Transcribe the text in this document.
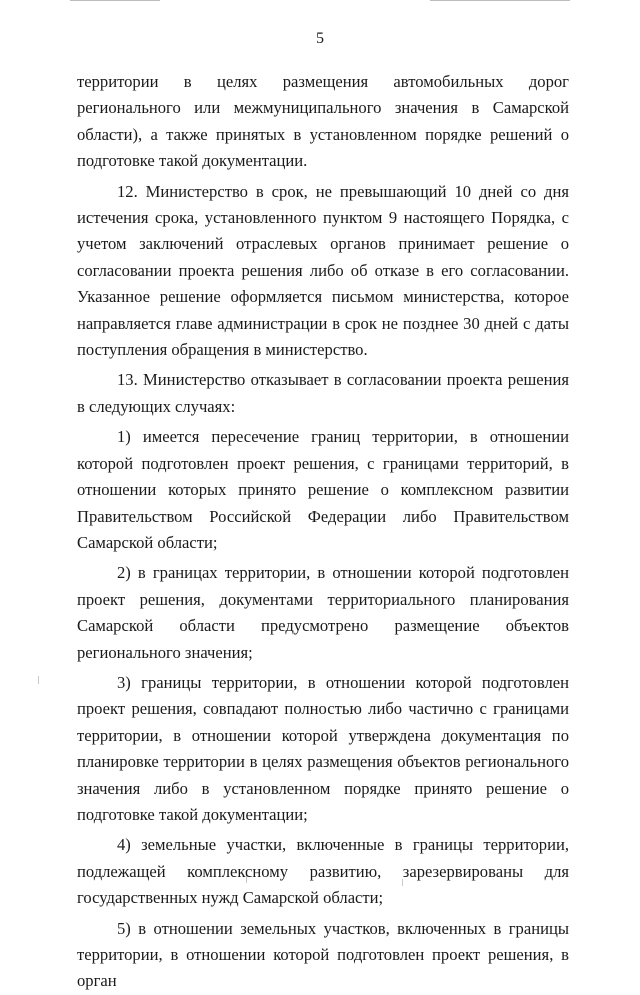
5

территории в целях размещения автомобильных дорог регионального или межмуниципального значения в Самарской области), а также принятых в установленном порядке решений о подготовке такой документации.

12. Министерство в срок, не превышающий 10 дней со дня истечения срока, установленного пунктом 9 настоящего Порядка, с учетом заключений отраслевых органов принимает решение о согласовании проекта решения либо об отказе в его согласовании. Указанное решение оформляется письмом министерства, которое направляется главе администрации в срок не позднее 30 дней с даты поступления обращения в министерство.

13. Министерство отказывает в согласовании проекта решения в следующих случаях:

1) имеется пересечение границ территории, в отношении которой подготовлен проект решения, с границами территорий, в отношении которых принято решение о комплексном развитии Правительством Российской Федерации либо Правительством Самарской области;

2) в границах территории, в отношении которой подготовлен проект решения, документами территориального планирования Самарской области предусмотрено размещение объектов регионального значения;

3) границы территории, в отношении которой подготовлен проект решения, совпадают полностью либо частично с границами территории, в отношении которой утверждена документация по планировке территории в целях размещения объектов регионального значения либо в установленном порядке принято решение о подготовке такой документации;

4) земельные участки, включенные в границы территории, подлежащей комплексному развитию, зарезервированы для государственных нужд Самарской области;

5) в отношении земельных участков, включенных в границы территории, в отношении которой подготовлен проект решения, в орган
